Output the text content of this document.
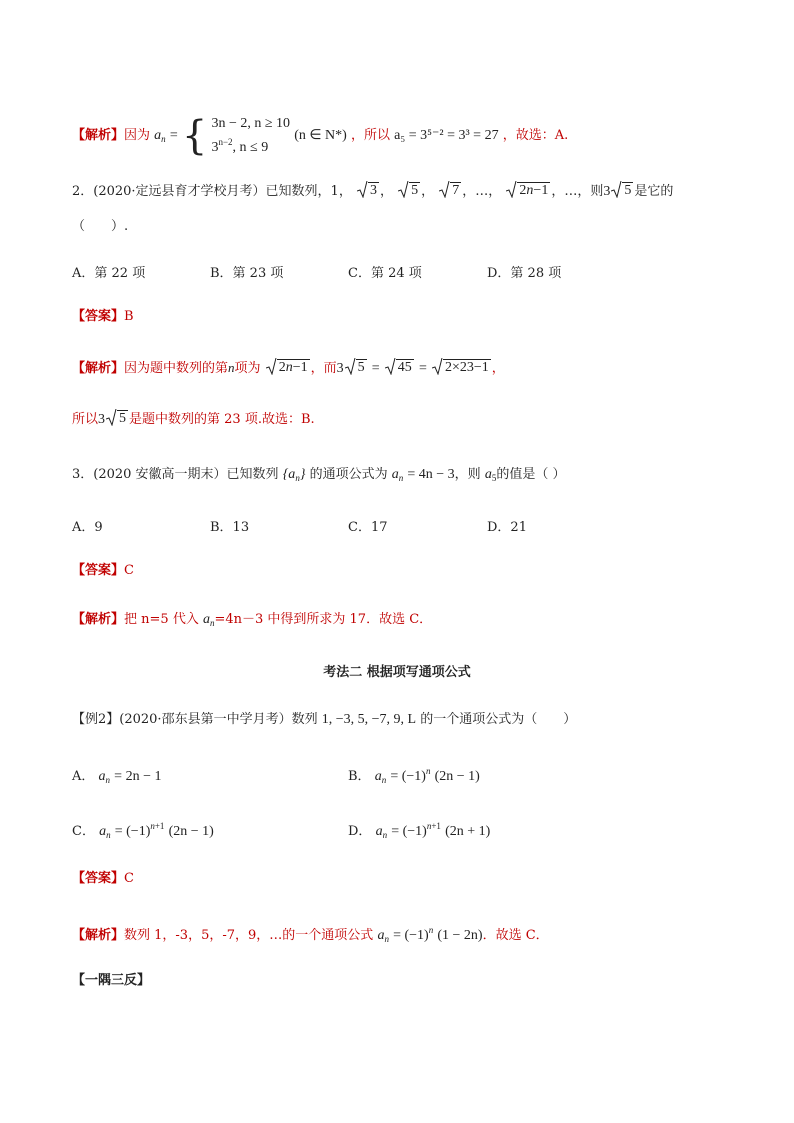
【解析】因为 $a_n$ = { 3n − 2, n ≥ 10
$3^{n-2}$, n ≤ 9
(n ∈ N*) ，所以 a₅ = 3⁵⁻² = 3³ = 27 ，故选：A.
2．(2020·定远县育才学校月考）已知数列，1， 3 ， 5 ， 7 ，…， 2n−1 ，…，则3 5 是它的
（　　）.
A．第 22 项	B．第 23 项	C．第 24 项	D．第 28 项
【答案】B
【解析】因为题中数列的第n项为 2n−1 ，而3 5 = 45 = 2×23−1 ，
所以3 5 是题中数列的第 23 项.故选：B.
3．(2020 安徽高一期末）已知数列 $\{a_n\}$ 的通项公式为 $a_n = 4n - 3$，则 $a_5$的值是（ ）
A．9	B．13	C．17	D．21
【答案】C
【解析】把 n=5 代入 $a_n=4n-3$ 中得到所求为 17．故选 C．
考法二 根据项写通项公式
【例2】(2020·邵东县第一中学月考）数列 1, −3, 5, −7, 9, L 的一个通项公式为（　　）
A． $a_n = 2n - 1$	B． $a_n = (-1)^n$ (2n − 1)
C． $a_n = (-1)^{n+1}$ (2n − 1)	D． $a_n = (-1)^{n+1}$ (2n + 1)
【答案】C
【解析】数列 1，-3，5，-7，9，…的一个通项公式 $a_n = (-1)^n$ (1 − 2n)．故选 C．
【一隅三反】
